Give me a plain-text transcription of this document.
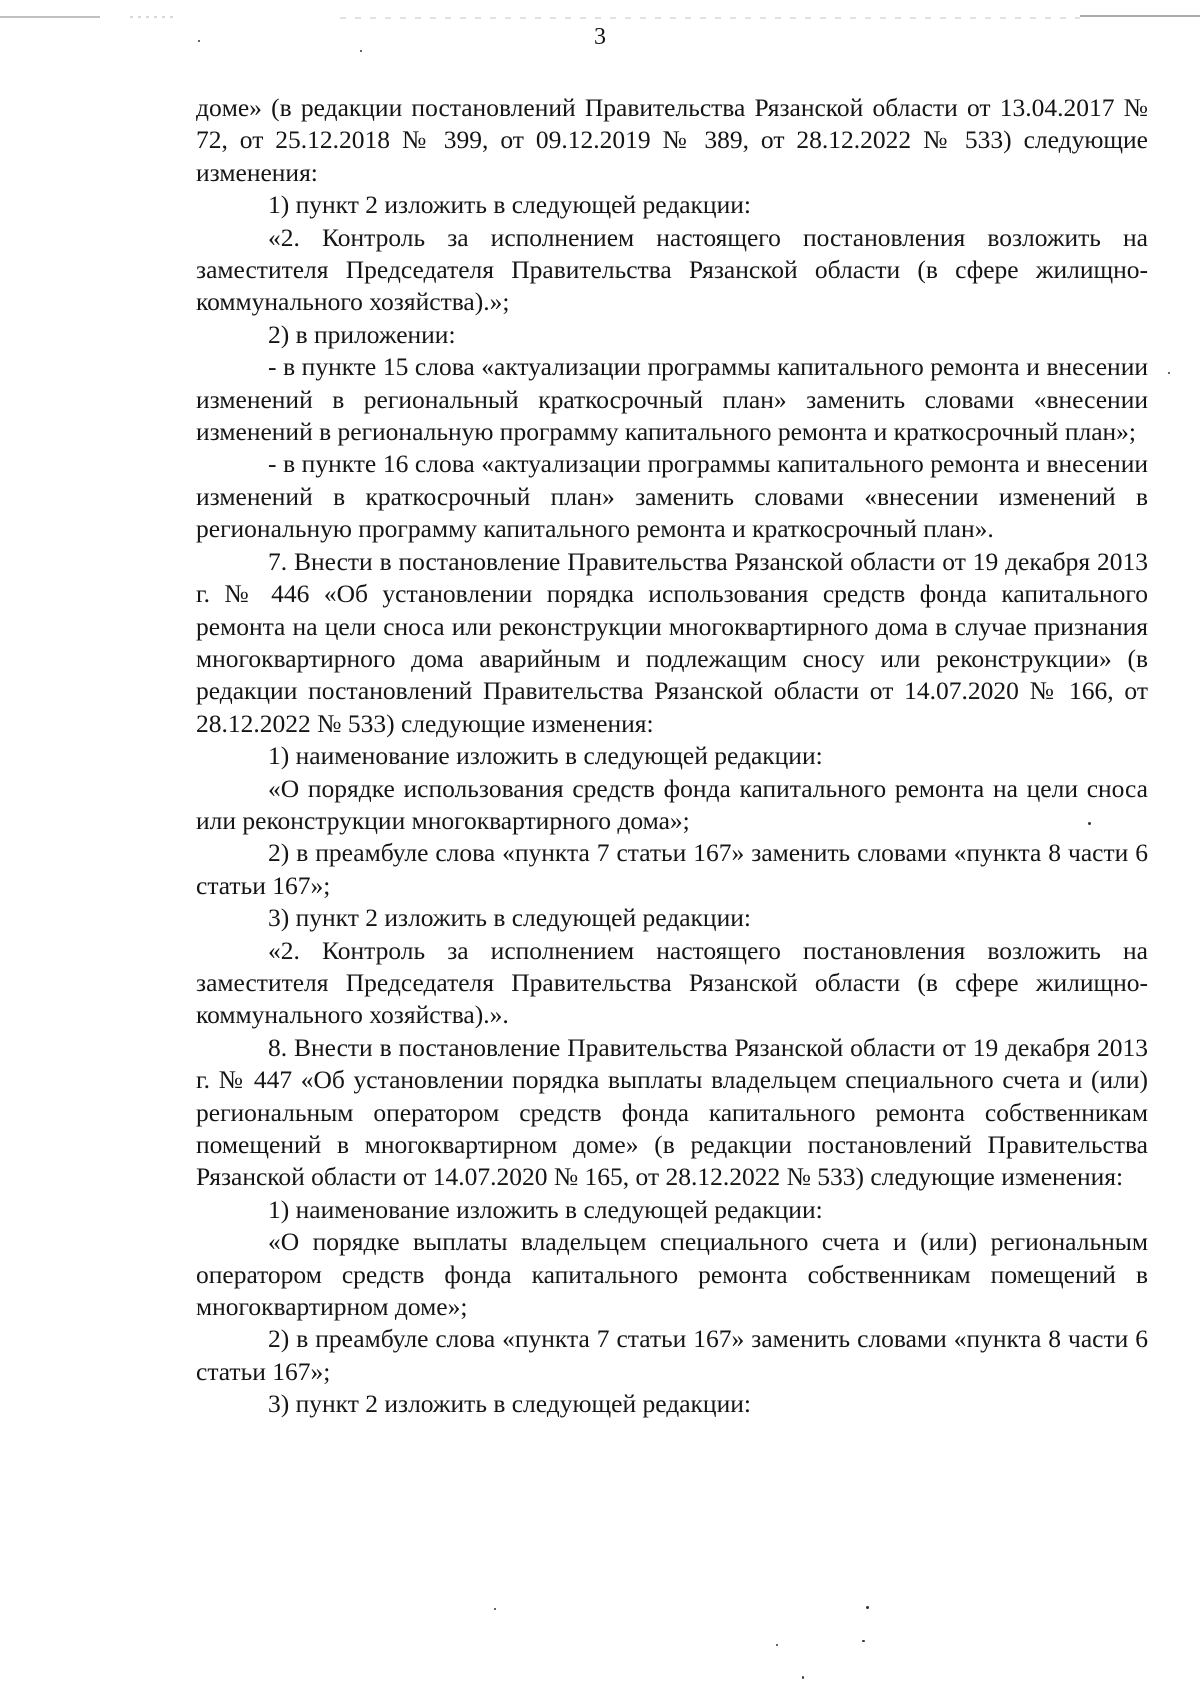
3

дoме» (в редакции постановлений Правительства Рязанской области от 13.04.2017 № 72, от 25.12.2018 № 399, от 09.12.2019 № 389, от 28.12.2022 № 533) следующие изменения:

1) пункт 2 изложить в следующей редакции:

«2. Контроль за исполнением настоящего постановления возложить на заместителя Председателя Правительства Рязанской области (в сфере жилищно-коммунального хозяйства).»;

2) в приложении:

- в пункте 15 слова «актуализации программы капитального ремонта и внесении изменений в региональный краткосрочный план» заменить словами «внесении изменений в региональную программу капитального ремонта и краткосрочный план»;

- в пункте 16 слова «актуализации программы капитального ремонта и внесении изменений в краткосрочный план» заменить словами «внесении изменений в региональную программу капитального ремонта и краткосрочный план».

7. Внести в постановление Правительства Рязанской области от 19 декабря 2013 г. № 446 «Об установлении порядка использования средств фонда капитального ремонта на цели сноса или реконструкции многоквартирного дома в случае признания многоквартирного дома аварийным и подлежащим сносу или реконструкции» (в редакции постановлений Правительства Рязанской области от 14.07.2020 № 166, от 28.12.2022 № 533) следующие изменения:

1) наименование изложить в следующей редакции:

«О порядке использования средств фонда капитального ремонта на цели сноса или реконструкции многоквартирного дома»;

2) в преамбуле слова «пункта 7 статьи 167» заменить словами «пункта 8 части 6 статьи 167»;

3) пункт 2 изложить в следующей редакции:

«2. Контроль за исполнением настоящего постановления возложить на заместителя Председателя Правительства Рязанской области (в сфере жилищно-коммунального хозяйства).».

8. Внести в постановление Правительства Рязанской области от 19 декабря 2013 г. № 447 «Об установлении порядка выплаты владельцем специального счета и (или) региональным оператором средств фонда капитального ремонта собственникам помещений в многоквартирном доме» (в редакции постановлений Правительства Рязанской области от 14.07.2020 № 165, от 28.12.2022 № 533) следующие изменения:

1) наименование изложить в следующей редакции:

«О порядке выплаты владельцем специального счета и (или) региональным оператором средств фонда капитального ремонта собственникам помещений в многоквартирном доме»;

2) в преамбуле слова «пункта 7 статьи 167» заменить словами «пункта 8 части 6 статьи 167»;

3) пункт 2 изложить в следующей редакции:
